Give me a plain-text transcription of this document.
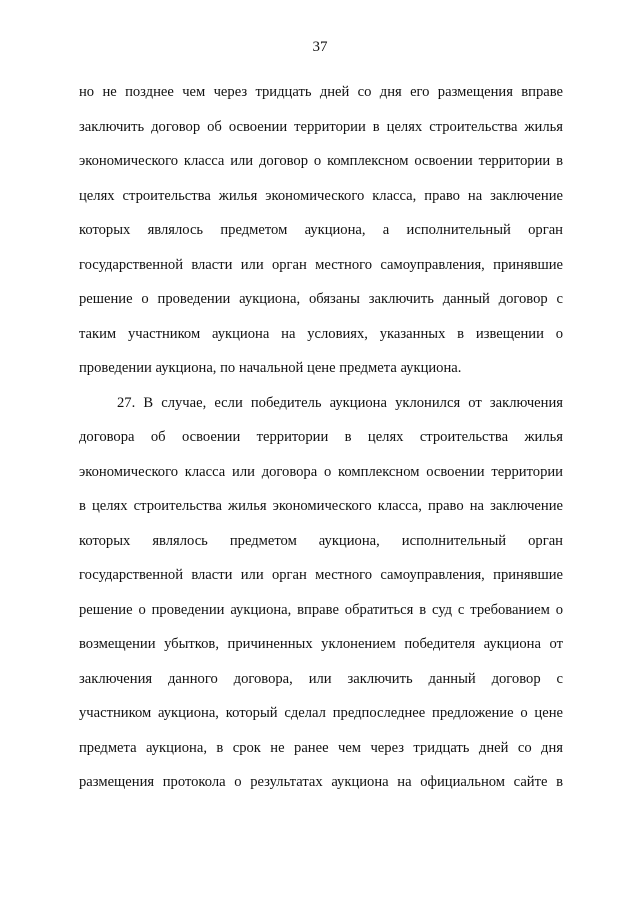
37
но не позднее чем через тридцать дней со дня его размещения вправе
заключить договор об освоении территории в целях строительства жилья
экономического класса или договор о комплексном освоении территории в
целях строительства жилья экономического класса, право на заключение
которых являлось предметом аукциона, а исполнительный орган
государственной власти или орган местного самоуправления, принявшие
решение о проведении аукциона, обязаны заключить данный договор с
таким участником аукциона на условиях, указанных в извещении о
проведении аукциона, по начальной цене предмета аукциона.
27. В случае, если победитель аукциона уклонился от заключения
договора об освоении территории в целях строительства жилья
экономического класса или договора о комплексном освоении территории
в целях строительства жилья экономического класса, право на заключение
которых являлось предметом аукциона, исполнительный орган
государственной власти или орган местного самоуправления, принявшие
решение о проведении аукциона, вправе обратиться в суд с требованием о
возмещении убытков, причиненных уклонением победителя аукциона от
заключения данного договора, или заключить данный договор с
участником аукциона, который сделал предпоследнее предложение о цене
предмета аукциона, в срок не ранее чем через тридцать дней со дня
размещения протокола о результатах аукциона на официальном сайте в
